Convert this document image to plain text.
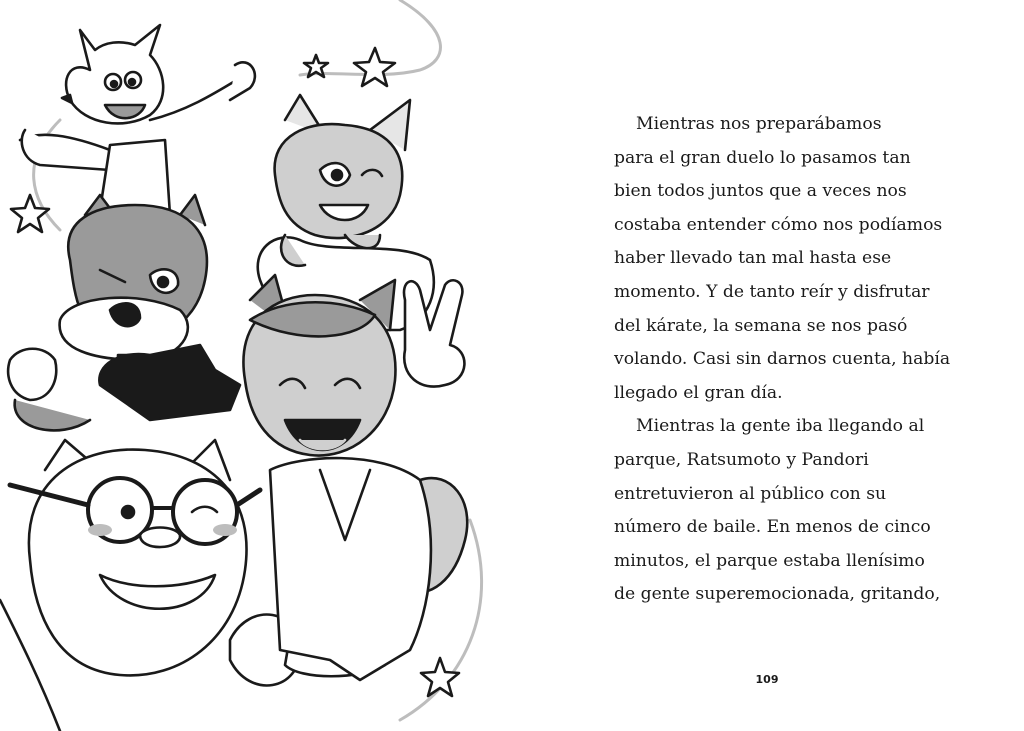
Mientras nos preparábamos
para el gran duelo lo pasamos tan
bien todos juntos que a veces nos
costaba entender cómo nos podíamos
haber llevado tan mal hasta ese
momento. Y de tanto reír y disfrutar
del kárate, la semana se nos pasó
volando. Casi sin darnos cuenta, había
llegado el gran día.

Mientras la gente iba llegando al
parque, Ratsumoto y Pandori
entretuvieron al público con su
número de baile. En menos de cinco
minutos, el parque estaba llenísimo
de gente superemocionada, gritando,

109
